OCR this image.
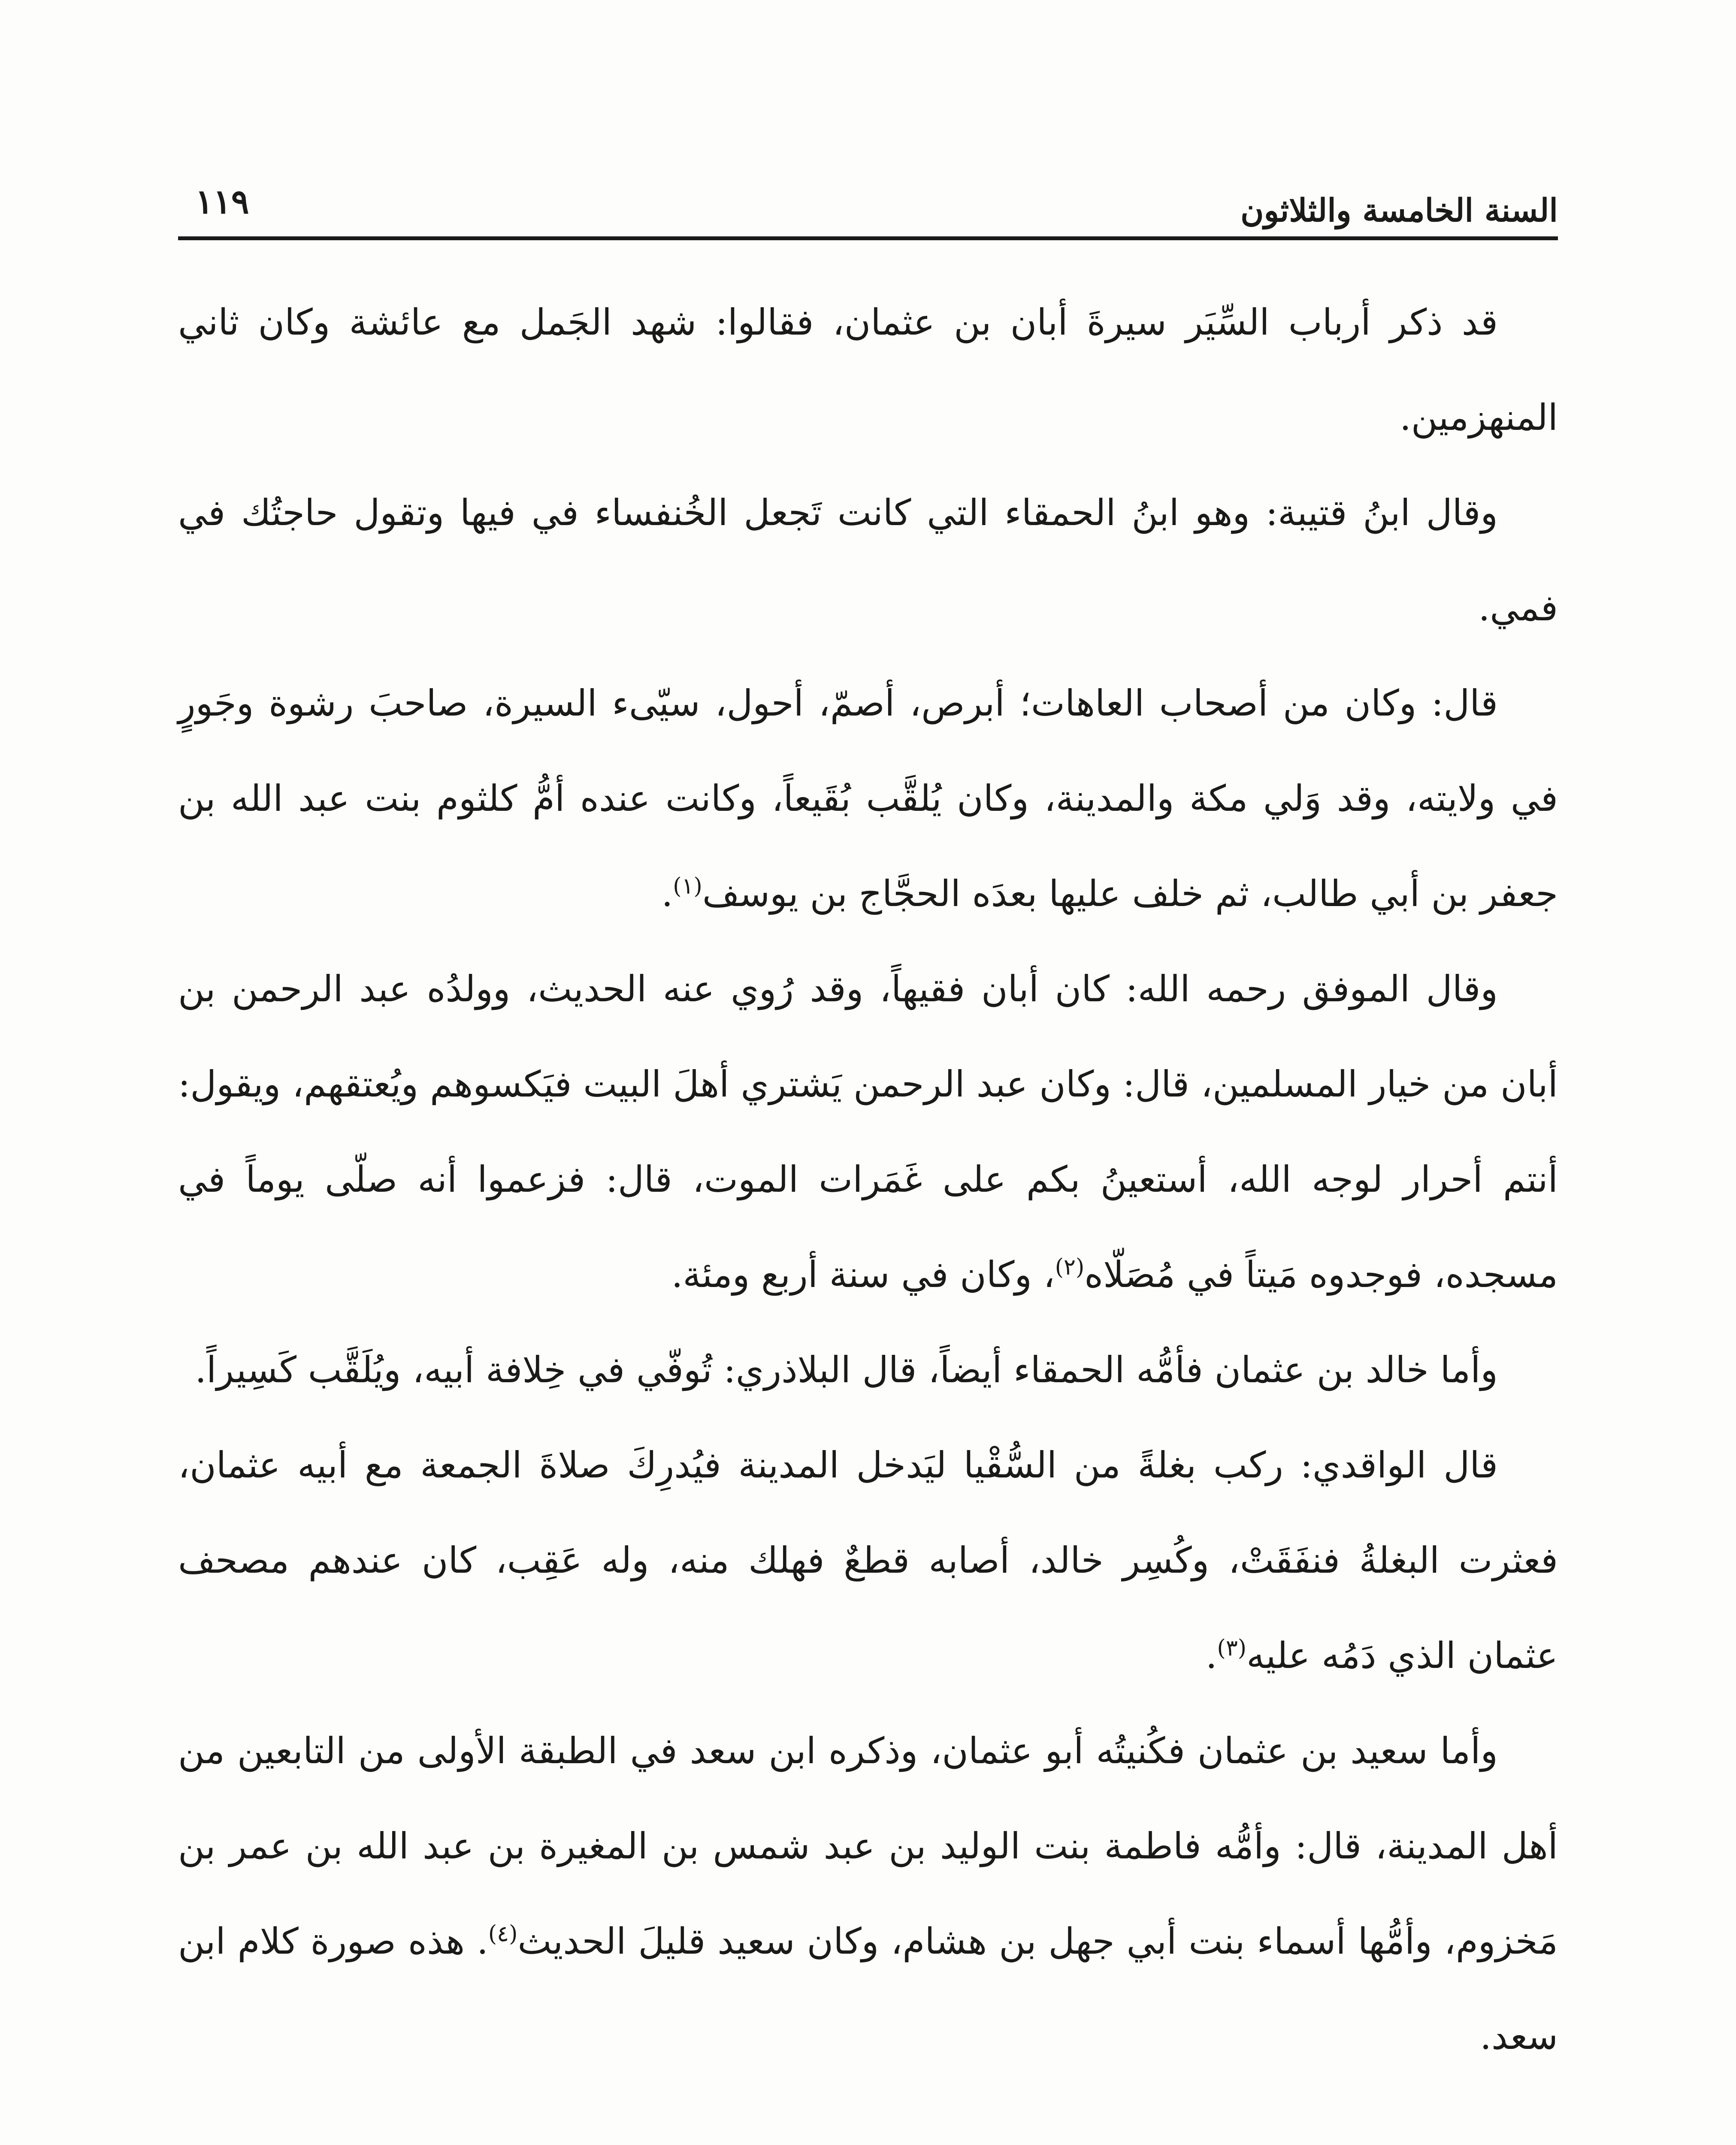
السنة الخامسة والثلاثون
١١٩

قد ذكر أرباب السِّيَر سيرةَ أبان بن عثمان، فقالوا: شهد الجَمل مع عائشة وكان ثاني المنهزمين.

وقال ابنُ قتيبة: وهو ابنُ الحمقاء التي كانت تَجعل الخُنفساء في فيها وتقول حاجتُك في فمي.

قال: وكان من أصحاب العاهات؛ أبرص، أصمّ، أحول، سيّىء السيرة، صاحبَ رشوة وجَورٍ في ولايته، وقد وَلي مكة والمدينة، وكان يُلقَّب بُقَيعاً، وكانت عنده أمُّ كلثوم بنت عبد الله بن جعفر بن أبي طالب، ثم خلف عليها بعدَه الحجَّاج بن يوسف$^{(١)}$.

وقال الموفق رحمه الله: كان أبان فقيهاً، وقد رُوي عنه الحديث، وولدُه عبد الرحمن بن أبان من خيار المسلمين، قال: وكان عبد الرحمن يَشتري أهلَ البيت فيَكسوهم ويُعتقهم، ويقول: أنتم أحرار لوجه الله، أستعينُ بكم على غَمَرات الموت، قال: فزعموا أنه صلّى يوماً في مسجده، فوجدوه مَيتاً في مُصَلّاه$^{(٢)}$، وكان في سنة أربع ومئة.

وأما خالد بن عثمان فأمُّه الحمقاء أيضاً، قال البلاذري: تُوفّي في خِلافة أبيه، ويُلَقَّب كَسِيراً.

قال الواقدي: ركب بغلةً من السُّقْيا ليَدخل المدينة فيُدرِكَ صلاةَ الجمعة مع أبيه عثمان، فعثرت البغلةُ فنفَقَتْ، وكُسِر خالد، أصابه قطعٌ فهلك منه، وله عَقِب، كان عندهم مصحف عثمان الذي دَمُه عليه$^{(٣)}$.

وأما سعيد بن عثمان فكُنيتُه أبو عثمان، وذكره ابن سعد في الطبقة الأولى من التابعين من أهل المدينة، قال: وأمُّه فاطمة بنت الوليد بن عبد شمس بن المغيرة بن عبد الله بن عمر بن مَخزوم، وأمُّها أسماء بنت أبي جهل بن هشام، وكان سعيد قليلَ الحديث$^{(٤)}$. هذه صورة كلام ابن سعد.
